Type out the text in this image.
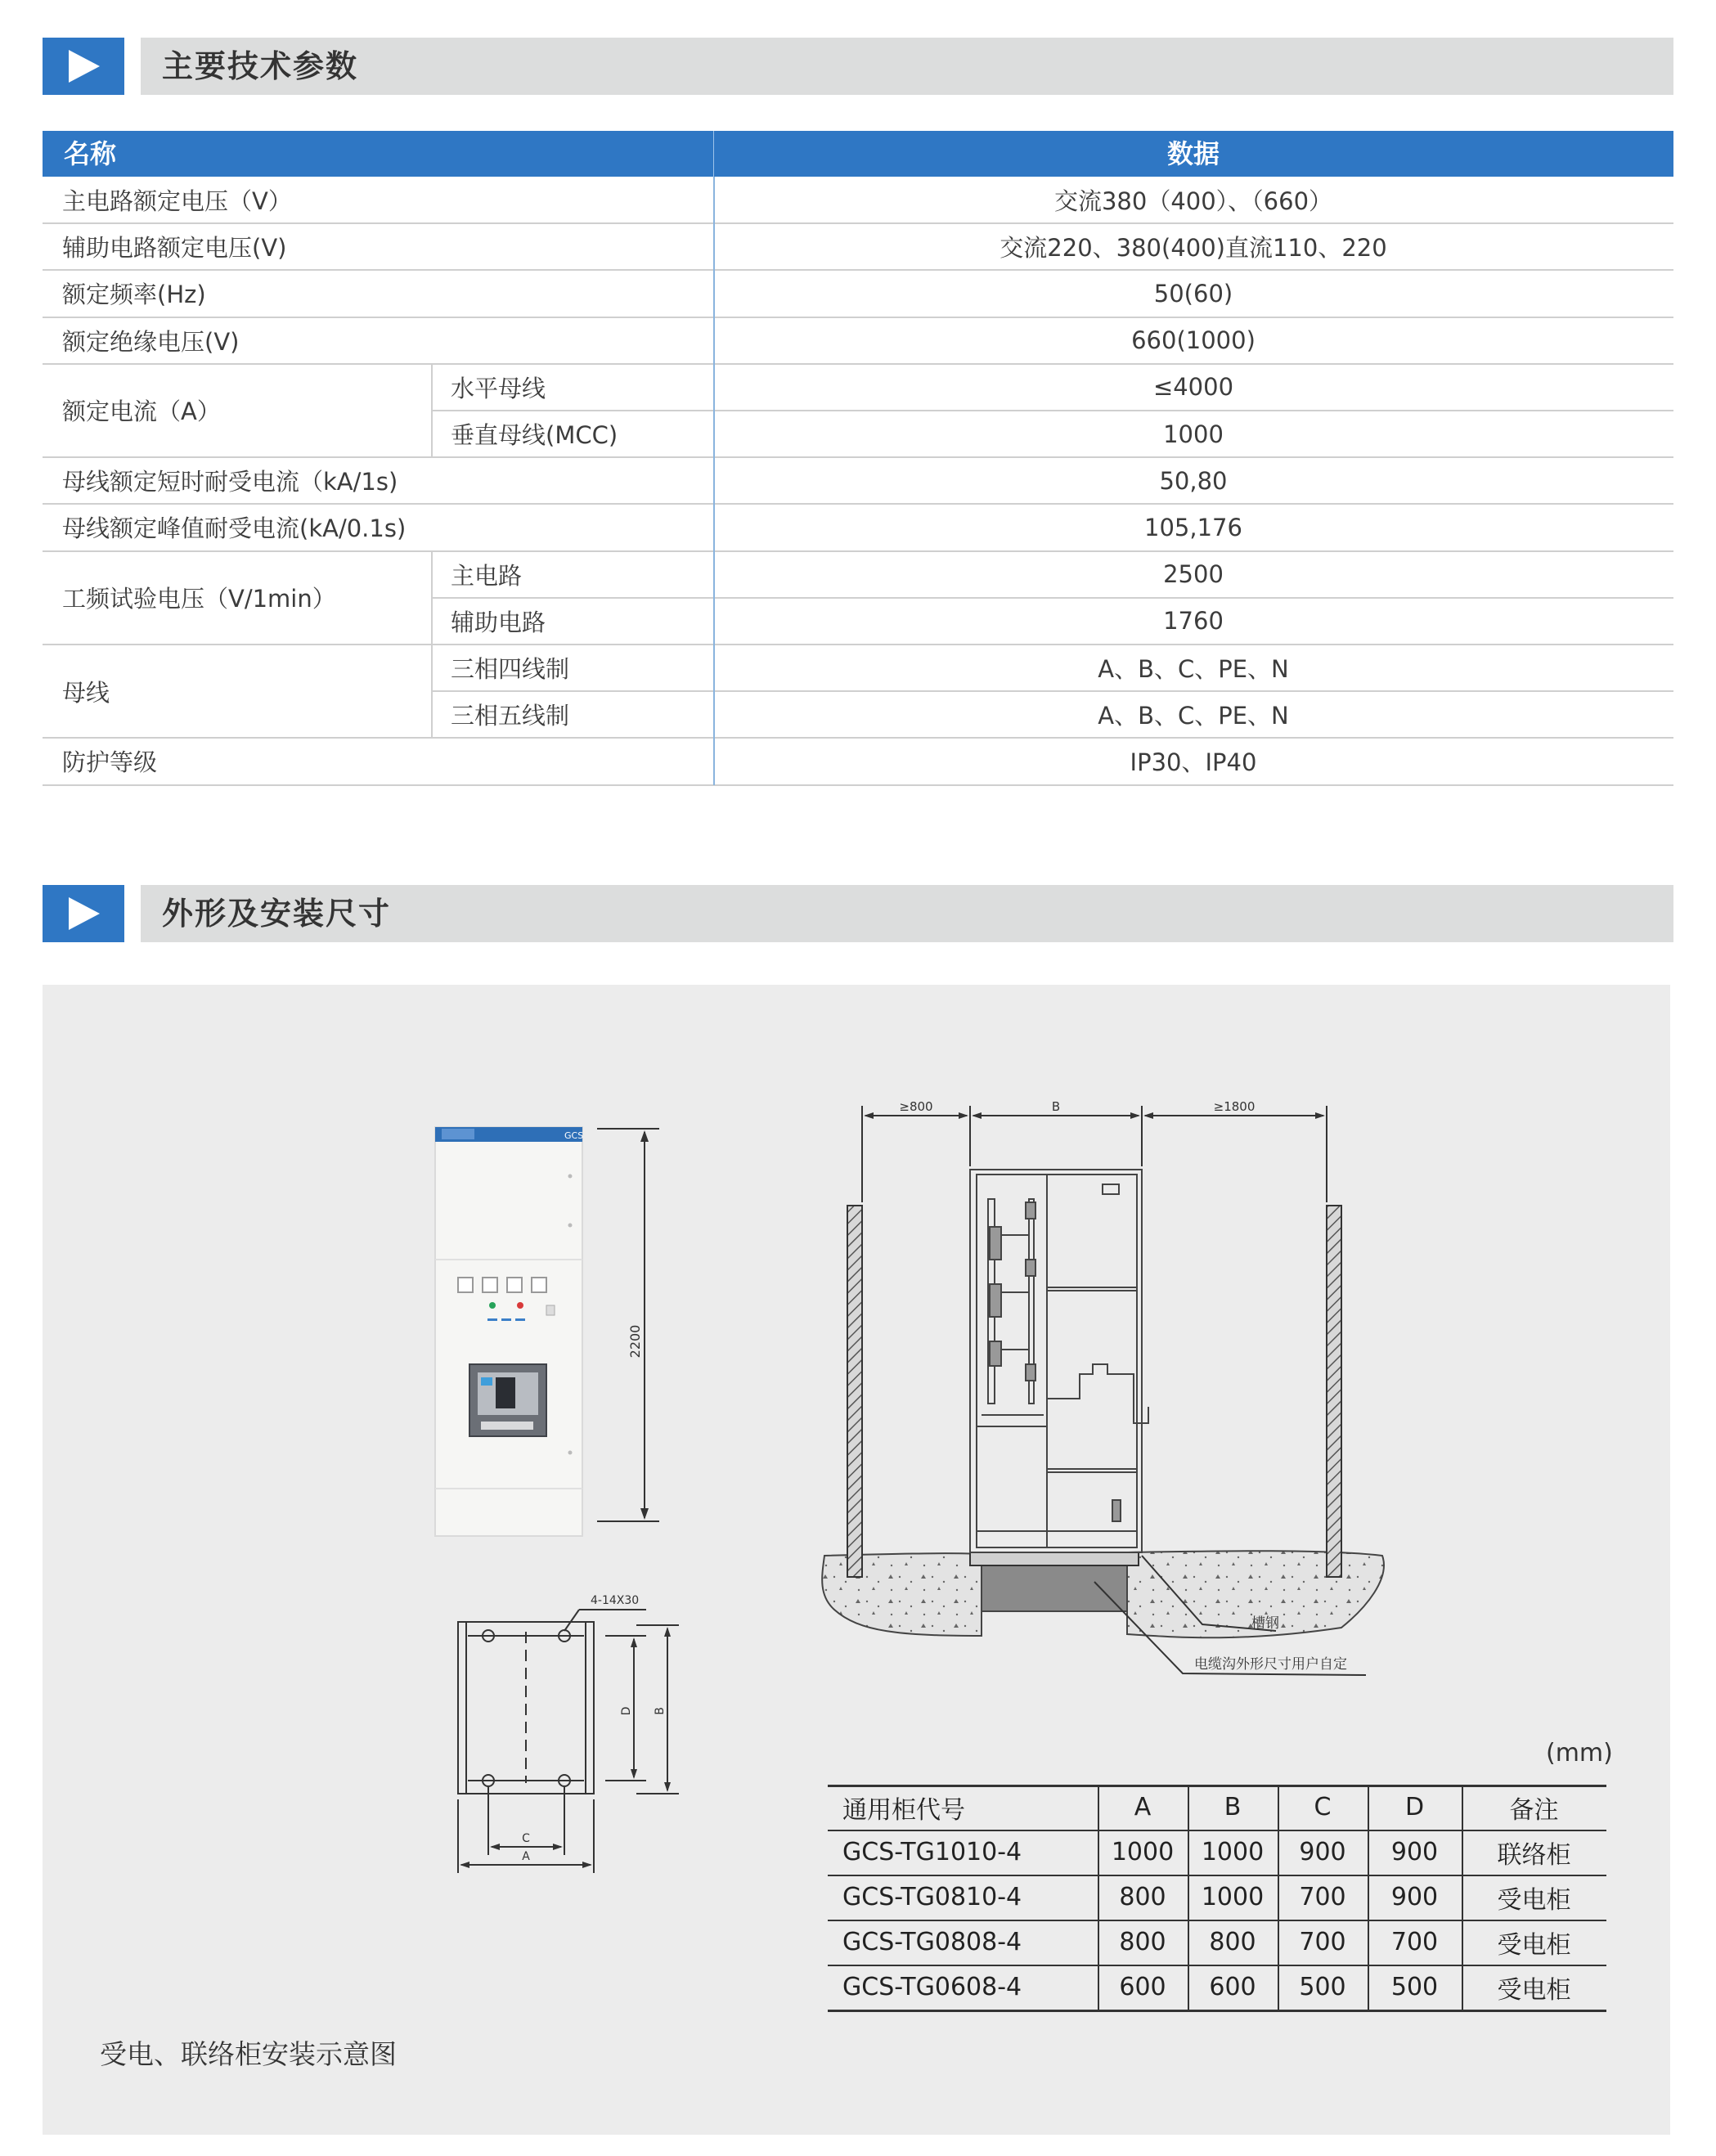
主要技术参数
名称	数据
主电路额定电压（V）	交流380（400）、（660）
辅助电路额定电压(V)	交流220、380(400)直流110、220
额定频率(Hz)	50(60)
额定绝缘电压(V)	660(1000)
额定电流（A）
水平母线	≤4000
垂直母线(MCC)	1000
母线额定短时耐受电流（kA/1s)	50,80
母线额定峰值耐受电流(kA/0.1s)	105,176
工频试验电压（V/1min）
主电路	2500
辅助电路	1760
母线
三相四线制	A、B、C、PE、N
三相五线制	A、B、C、PE、N
防护等级	IP30、IP40
外形及安装尺寸
GCS
2200
4-14X30
D B
C
A
≥800	B	≥1800
槽钢
电缆沟外形尺寸用户自定
(mm)
通用柜代号	A	B	C	D	备注
GCS-TG1010-4	1000	1000	900	900	联络柜
GCS-TG0810-4	800	1000	700	900	受电柜
GCS-TG0808-4	800	800	700	700	受电柜
GCS-TG0608-4	600	600	500	500	受电柜
受电、联络柜安装示意图
